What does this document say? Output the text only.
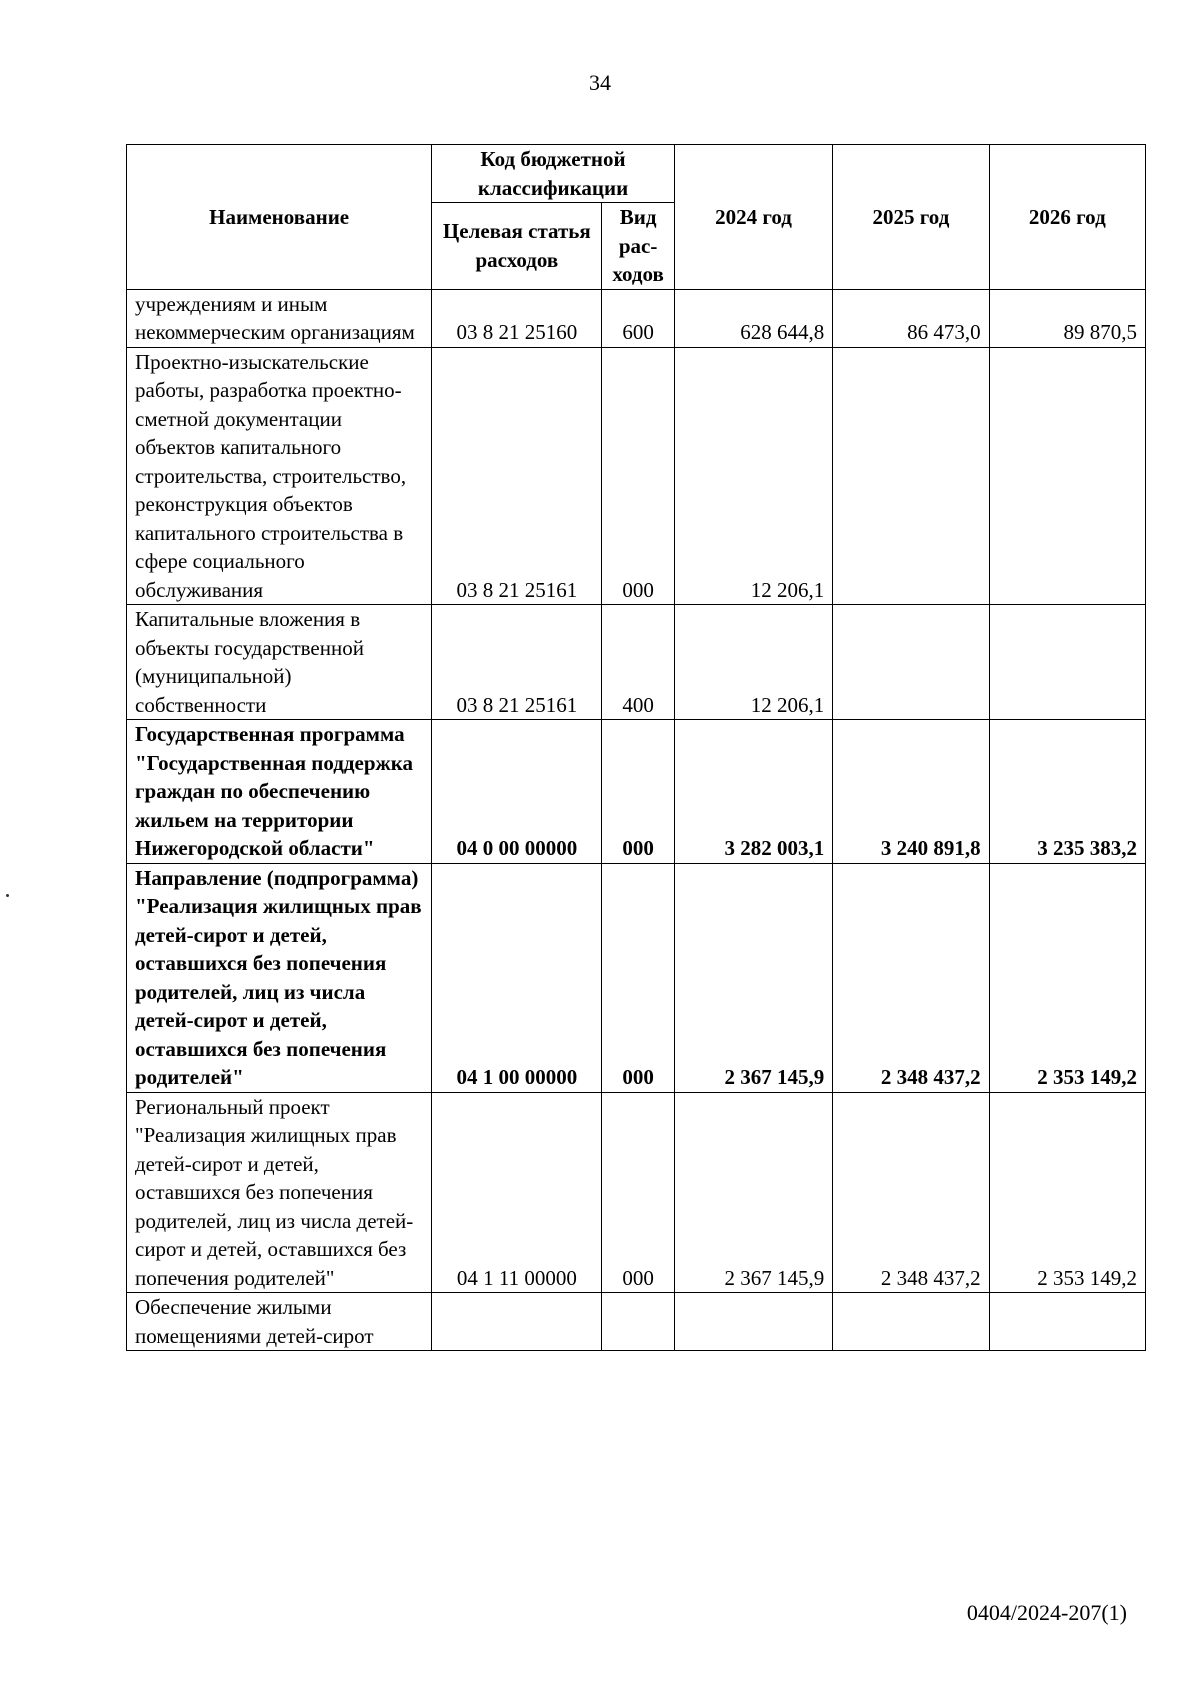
34
Наименование	Код бюджетной классификации		2024 год	2025 год	2026 год
	Целевая статья расходов	Вид рас- ходов			
учреждениям и иным некоммерческим организациям	03 8 21 25160	600	628 644,8	86 473,0	89 870,5
Проектно-изыскательские работы, разработка проектно-сметной документации объектов капитального строительства, строительство, реконструкция объектов капитального строительства в сфере социального обслуживания	03 8 21 25161	000	12 206,1		
Капитальные вложения в объекты государственной (муниципальной) собственности	03 8 21 25161	400	12 206,1		
Государственная программа "Государственная поддержка граждан по обеспечению жильем на территории Нижегородской области"	04 0 00 00000	000	3 282 003,1	3 240 891,8	3 235 383,2
Направление (подпрограмма) "Реализация жилищных прав детей-сирот и детей, оставшихся без попечения родителей, лиц из числа детей-сирот и детей, оставшихся без попечения родителей"	04 1 00 00000	000	2 367 145,9	2 348 437,2	2 353 149,2
Региональный проект "Реализация жилищных прав детей-сирот и детей, оставшихся без попечения родителей, лиц из числа детей-сирот и детей, оставшихся без попечения родителей"	04 1 11 00000	000	2 367 145,9	2 348 437,2	2 353 149,2
Обеспечение жилыми помещениями детей-сирот					
0404/2024-207(1)
